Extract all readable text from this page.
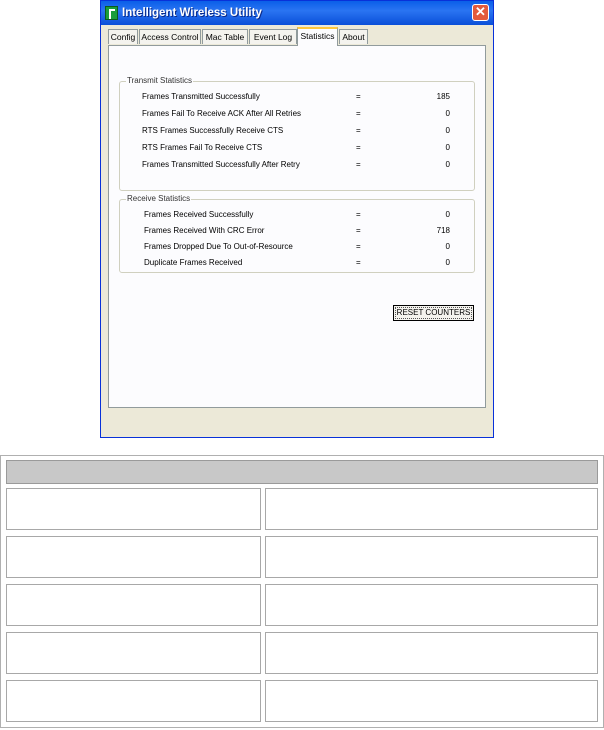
Intelligent Wireless Utility	✕
Config Access Control Mac Table	Event Log Statistics About
Transmit Statistics
Frames Transmitted Successfully	=	185
Frames Fail To Receive ACK After All Retries	=	0
RTS Frames Successfully Receive CTS	=	0
RTS Frames Fail To Receive CTS	=	0
Frames Transmitted Successfully After Retry	=	0
Receive Statistics
Frames Received Successfully	=	0
Frames Received With CRC Error	=	718
Frames Dropped Due To Out-of-Resource	=	0
Duplicate Frames Received	=	0
RESET COUNTERS
